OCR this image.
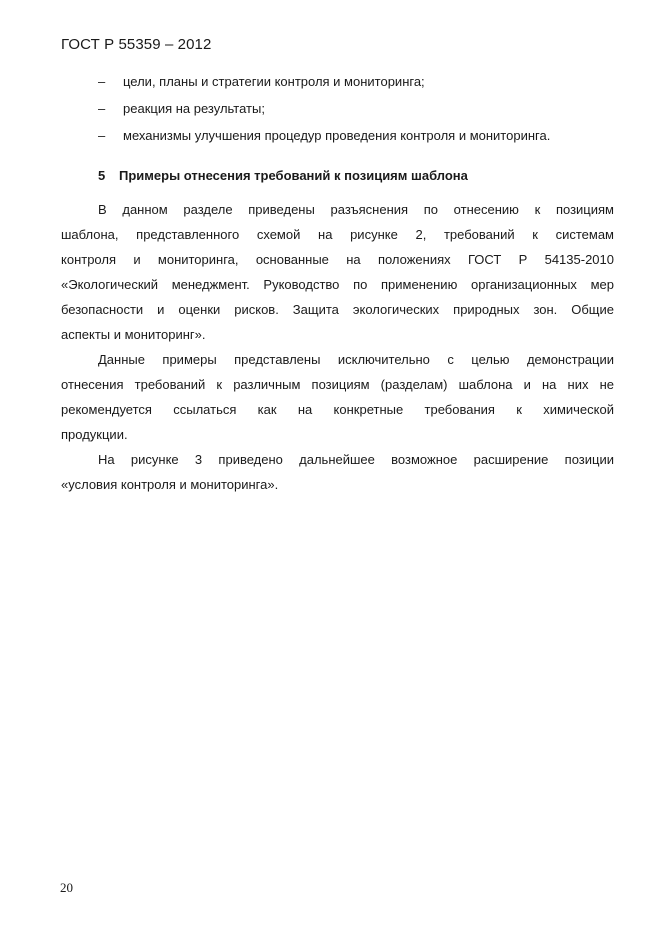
ГОСТ Р 55359 – 2012
– цели, планы и стратегии контроля и мониторинга;
– реакция на результаты;
– механизмы улучшения процедур проведения контроля и мониторинга.
5 Примеры отнесения требований к позициям шаблона
В данном разделе приведены разъяснения по отнесению к позициям
шаблона, представленного схемой на рисунке 2, требований к системам
контроля и мониторинга, основанные на положениях ГОСТ Р 54135-2010
«Экологический менеджмент. Руководство по применению организационных мер
безопасности и оценки рисков. Защита экологических природных зон. Общие
аспекты и мониторинг».
Данные примеры представлены исключительно с целью демонстрации
отнесения требований к различным позициям (разделам) шаблона и на них не
рекомендуется ссылаться как на конкретные требования к химической
продукции.
На рисунке 3 приведено дальнейшее возможное расширение позиции
«условия контроля и мониторинга».
20
